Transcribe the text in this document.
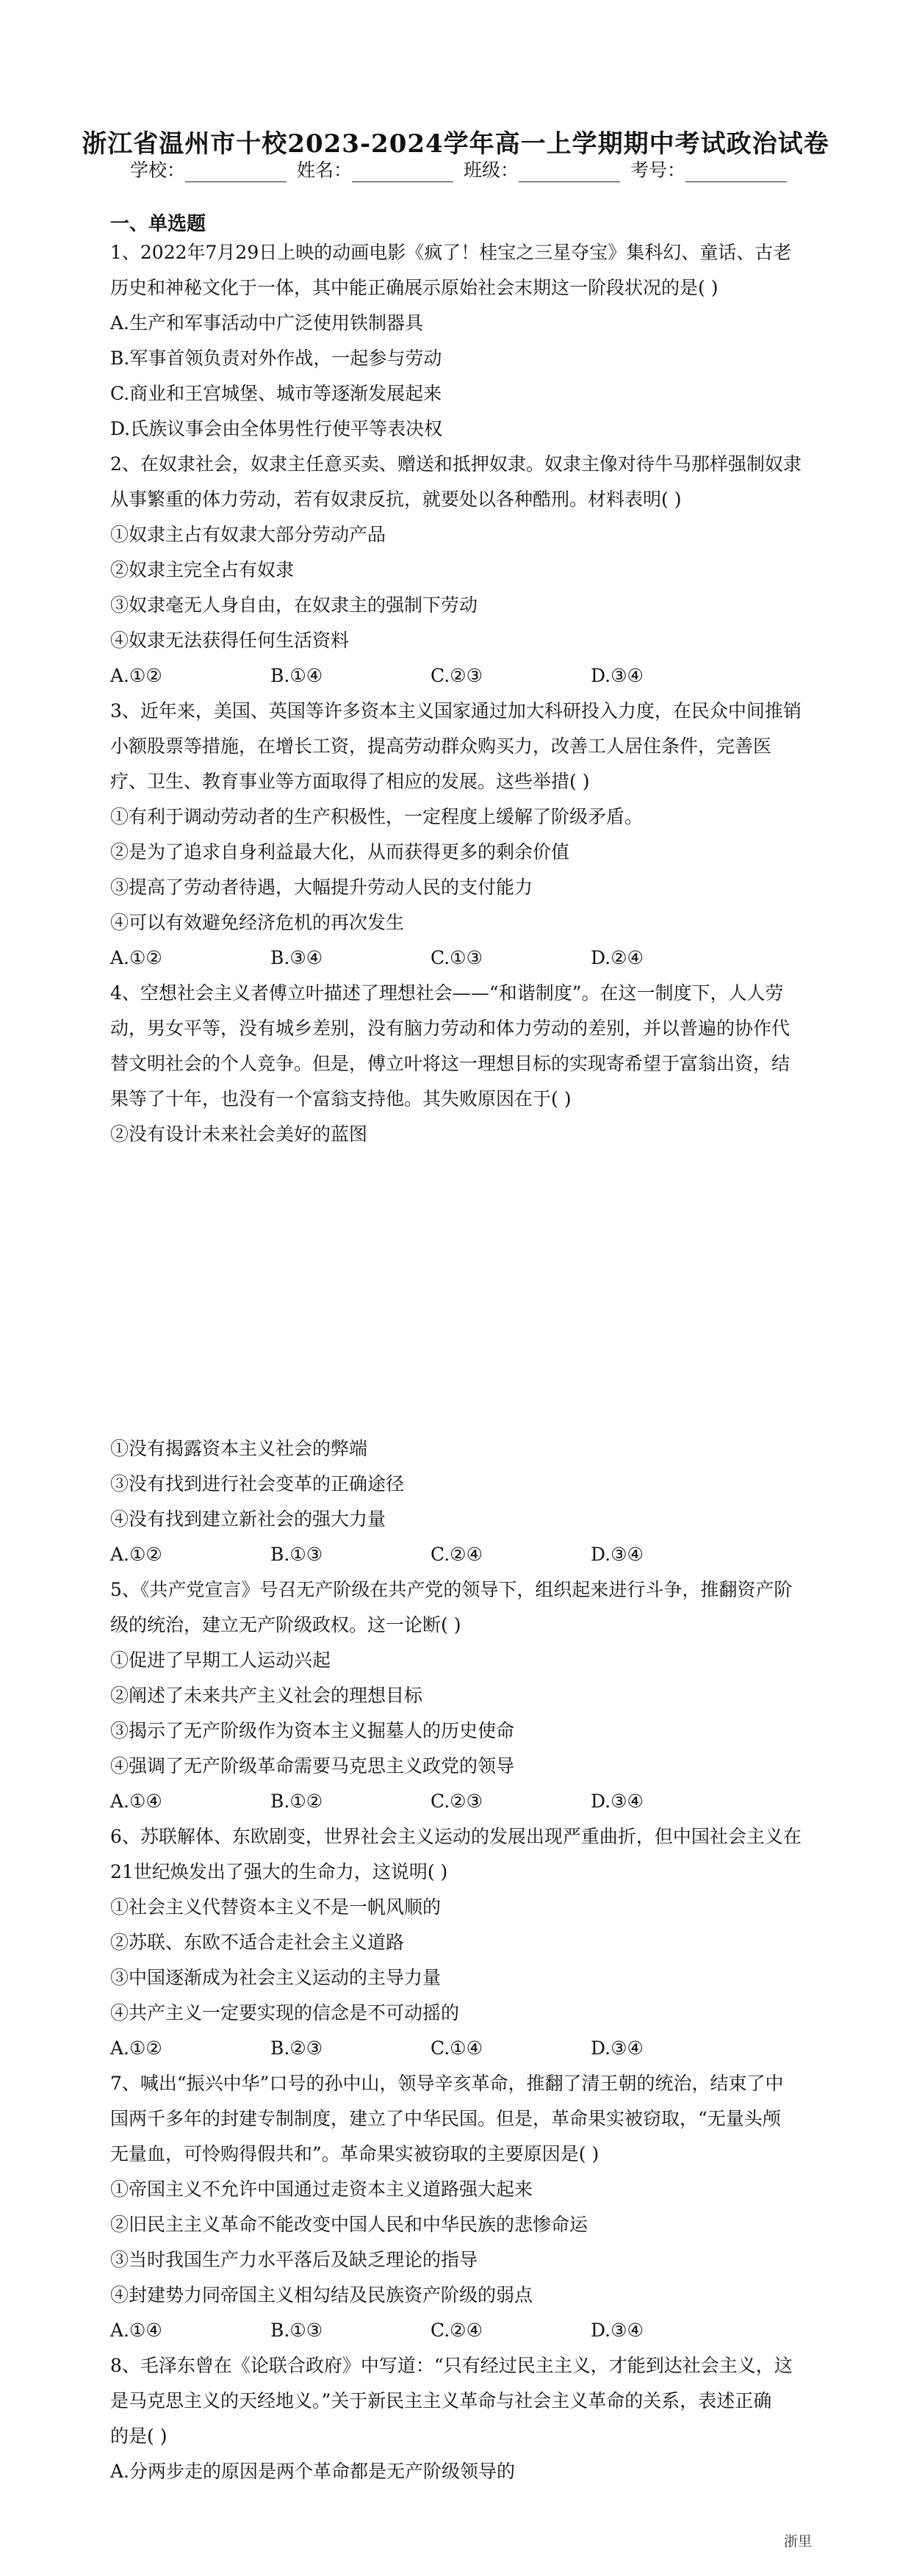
浙江省温州市十校2023-2024学年高一上学期期中考试政治试卷
学校：	姓名：	班级：	考号：
一、单选题

1、2022年7月29日上映的动画电影《疯了！桂宝之三星夺宝》集科幻、童话、古老

历史和神秘文化于一体，其中能正确展示原始社会末期这一阶段状况的是( )

A.生产和军事活动中广泛使用铁制器具

B.军事首领负责对外作战，一起参与劳动

C.商业和王宫城堡、城市等逐渐发展起来

D.氏族议事会由全体男性行使平等表决权

2、在奴隶社会，奴隶主任意买卖、赠送和抵押奴隶。奴隶主像对待牛马那样强制奴隶

从事繁重的体力劳动，若有奴隶反抗，就要处以各种酷刑。材料表明( )

①奴隶主占有奴隶大部分劳动产品

②奴隶主完全占有奴隶

③奴隶毫无人身自由，在奴隶主的强制下劳动

④奴隶无法获得任何生活资料

A.①②	B.①④	C.②③	D.③④

3、近年来，美国、英国等许多资本主义国家通过加大科研投入力度，在民众中间推销

小额股票等措施，在增长工资，提高劳动群众购买力，改善工人居住条件，完善医

疗、卫生、教育事业等方面取得了相应的发展。这些举措( )

①有利于调动劳动者的生产积极性，一定程度上缓解了阶级矛盾。

②是为了追求自身利益最大化，从而获得更多的剩余价值

③提高了劳动者待遇，大幅提升劳动人民的支付能力

④可以有效避免经济危机的再次发生

A.①②	B.③④	C.①③	D.②④

4、空想社会主义者傅立叶描述了理想社会——“和谐制度”。在这一制度下，人人劳

动，男女平等，没有城乡差别，没有脑力劳动和体力劳动的差别，并以普遍的协作代

替文明社会的个人竞争。但是，傅立叶将这一理想目标的实现寄希望于富翁出资，结

果等了十年，也没有一个富翁支持他。其失败原因在于( )

②没有设计未来社会美好的蓝图

①没有揭露资本主义社会的弊端

③没有找到进行社会变革的正确途径

④没有找到建立新社会的强大力量

A.①②	B.①③	C.②④	D.③④

5、《共产党宣言》号召无产阶级在共产党的领导下，组织起来进行斗争，推翻资产阶

级的统治，建立无产阶级政权。这一论断( )

①促进了早期工人运动兴起

②阐述了未来共产主义社会的理想目标

③揭示了无产阶级作为资本主义掘墓人的历史使命

④强调了无产阶级革命需要马克思主义政党的领导

A.①④	B.①②	C.②③	D.③④

6、苏联解体、东欧剧变，世界社会主义运动的发展出现严重曲折，但中国社会主义在

21世纪焕发出了强大的生命力，这说明( )

①社会主义代替资本主义不是一帆风顺的

②苏联、东欧不适合走社会主义道路

③中国逐渐成为社会主义运动的主导力量

④共产主义一定要实现的信念是不可动摇的

A.①②	B.②③	C.①④	D.③④

7、喊出“振兴中华”口号的孙中山，领导辛亥革命，推翻了清王朝的统治，结束了中

国两千多年的封建专制制度，建立了中华民国。但是，革命果实被窃取，“无量头颅

无量血，可怜购得假共和”。革命果实被窃取的主要原因是( )

①帝国主义不允许中国通过走资本主义道路强大起来

②旧民主主义革命不能改变中国人民和中华民族的悲惨命运

③当时我国生产力水平落后及缺乏理论的指导

④封建势力同帝国主义相勾结及民族资产阶级的弱点

A.①④	B.①③	C.②④	D.③④

8、毛泽东曾在《论联合政府》中写道：“只有经过民主主义，才能到达社会主义，这

是马克思主义的天经地义。”关于新民主主义革命与社会主义革命的关系，表述正确

的是( )

A.分两步走的原因是两个革命都是无产阶级领导的

浙里
